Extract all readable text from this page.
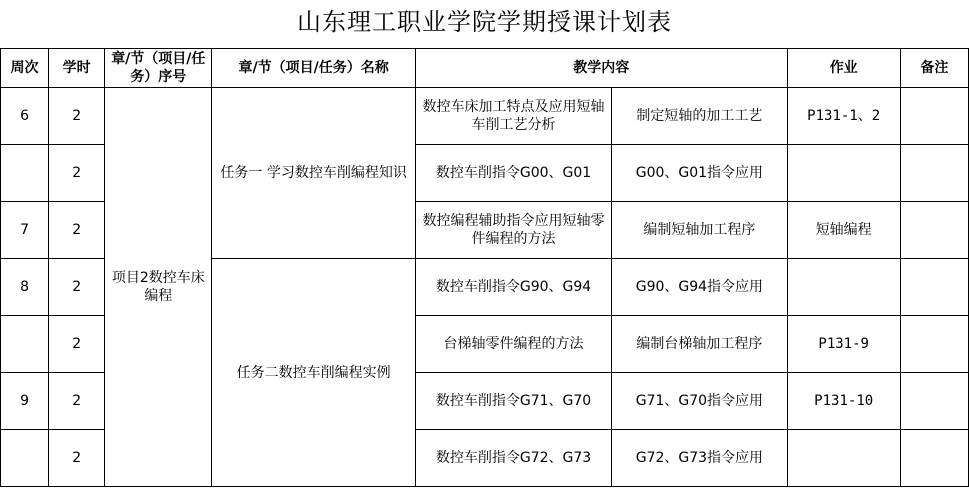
山东理工职业学院学期授课计划表
周次	学时	章/节（项目/任务）序号	章/节（项目/任务）名称	教学内容		作业	备注
6	2	项目2数控车床编程	任务一 学习数控车削编程知识	数控车床加工特点及应用短轴车削工艺分析	制定短轴的加工工艺	P131-1、2	
	2			数控车削指令G00、G01	G00、G01指令应用		
7	2			数控编程辅助指令应用短轴零件编程的方法	编制短轴加工程序	短轴编程	
8	2		任务二数控车削编程实例	数控车削指令G90、G94	G90、G94指令应用		
	2			台梯轴零件编程的方法	编制台梯轴加工程序	P131-9	
9	2			数控车削指令G71、G70	G71、G70指令应用	P131-10	
	2			数控车削指令G72、G73	G72、G73指令应用		
